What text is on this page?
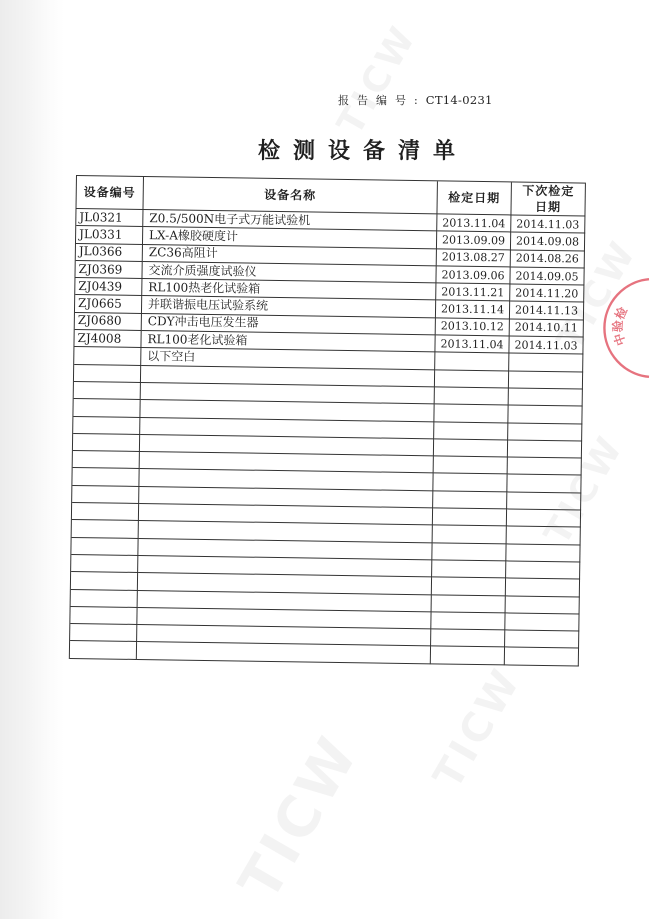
报告编号:CT14-0231
检测设备清单
设备编号	设备名称	检定日期 下次检定
日期
JL0321 Z0.5/500N电子式万能试验机	2013.11.04 2014.11.03
JL0331 LX-A橡胶硬度计	2013.09.09 2014.09.08
JL0366 ZC36高阻计	2013.08.27 2014.08.26
ZJ0369 交流介质强度试验仪	2013.09.06 2014.09.05
ZJ0439 RL100热老化试验箱	2013.11.21 2014.11.20
ZJ0665 并联谐振电压试验系统	2013.11.14 2014.11.13
ZJ0680 CDY冲击电压发生器	2013.10.12 2014.10.11
ZJ4008 RL100老化试验箱	2013.11.04 2014.11.03
以下空白
检
验
中
